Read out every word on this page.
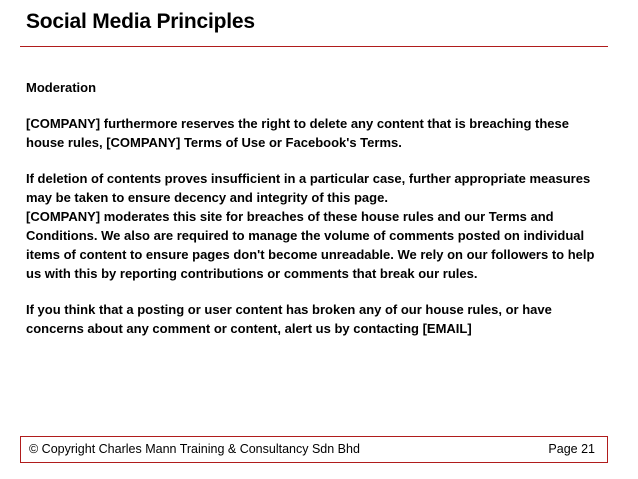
Social Media Principles

Moderation

[COMPANY] furthermore reserves the right to delete any content that is breaching these house rules, [COMPANY] Terms of Use or Facebook's Terms.

If deletion of contents proves insufficient in a particular case, further appropriate measures may be taken to ensure decency and integrity of this page.

[COMPANY] moderates this site for breaches of these house rules and our Terms and Conditions. We also are required to manage the volume of comments posted on individual items of content to ensure pages don't become unreadable. We rely on our followers to help us with this by reporting contributions or comments that break our rules.

If you think that a posting or user content has broken any of our house rules, or have concerns about any comment or content, alert us by contacting [EMAIL]

© Copyright Charles Mann Training & Consultancy Sdn Bhd	Page 21
